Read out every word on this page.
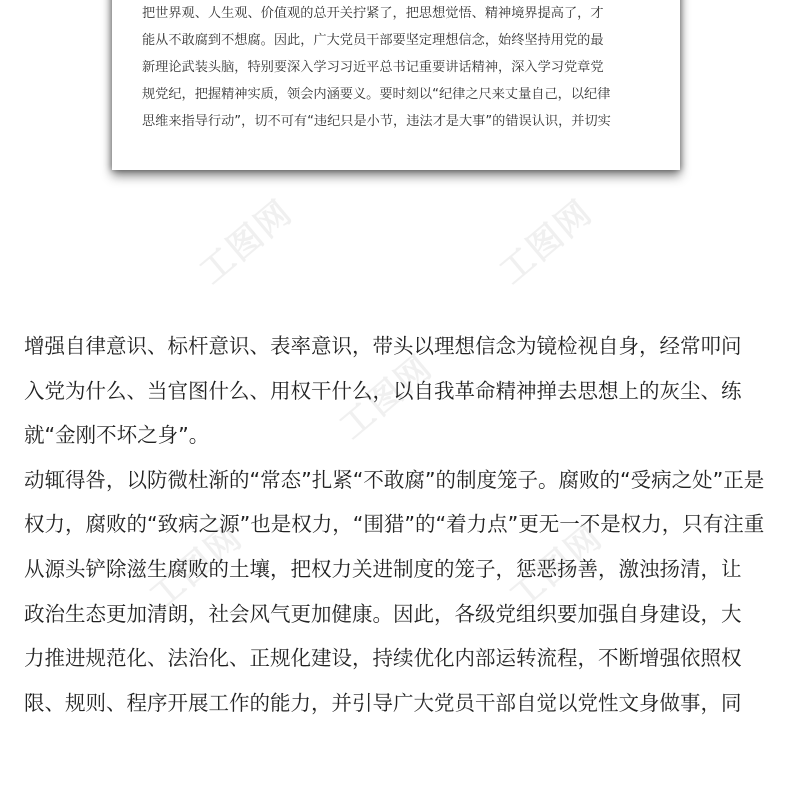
工图网	工图网
工图网
工图网	工图网
把世界观、人生观、价值观的总开关拧紧了，把思想觉悟、精神境界提高了，才
能从不敢腐到不想腐。因此，广大党员干部要坚定理想信念，始终坚持用党的最
新理论武装头脑，特别要深入学习习近平总书记重要讲话精神，深入学习党章党
规党纪，把握精神实质，领会内涵要义。要时刻以“纪律之尺来丈量自己，以纪律
思维来指导行动”，切不可有“违纪只是小节，违法才是大事”的错误认识，并切实
增强自律意识、标杆意识、表率意识，带头以理想信念为镜检视自身，经常叩问
入党为什么、当官图什么、用权干什么，以自我革命精神掸去思想上的灰尘、练
就“金刚不坏之身”。
动辄得咎，以防微杜渐的“常态”扎紧“不敢腐”的制度笼子。腐败的“受病之处”正是
权力，腐败的“致病之源”也是权力，“围猎”的“着力点”更无一不是权力，只有注重
从源头铲除滋生腐败的土壤，把权力关进制度的笼子，惩恶扬善，激浊扬清，让
政治生态更加清朗，社会风气更加健康。因此，各级党组织要加强自身建设，大
力推进规范化、法治化、正规化建设，持续优化内部运转流程，不断增强依照权
限、规则、程序开展工作的能力，并引导广大党员干部自觉以党性文身做事，同
